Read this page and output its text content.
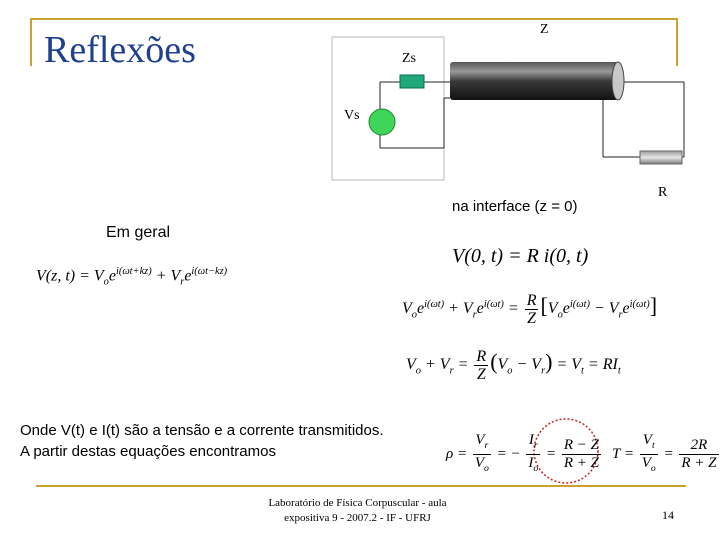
Reflexões	Z
Zs
Vs
R
na interface (z = 0)
Em geral
V(z, $t) = V_oe^{i(\omega t+kz)} + V_re^{i(\omega t-kz)}$
V(0, t) = R i(0, t)
$V_oe^{i(\omega t)} + V_re^{i(\omega t)} = \frac{R}{Z} [V_oe^{i(\omega t)} - V_re^{i(\omega t)}]$
$V_o + V_r = \frac{R}{Z} (V_o - V_r) = V_t = RI_t$
$\rho = \frac{V_r}{V_o}$ = − $\frac{I_r}{I_o} = \frac{R - Z}{R + Z}$ $T = \frac{V_t}{V_o} = \frac{2R}{R + Z}$
Onde V(t) e I(t) são a tensão e a corrente transmitidos.
A partir destas equações encontramos
Laboratório de Física Corpuscular - aula
expositiva 9 - 2007.2 - IF - UFRJ	14
